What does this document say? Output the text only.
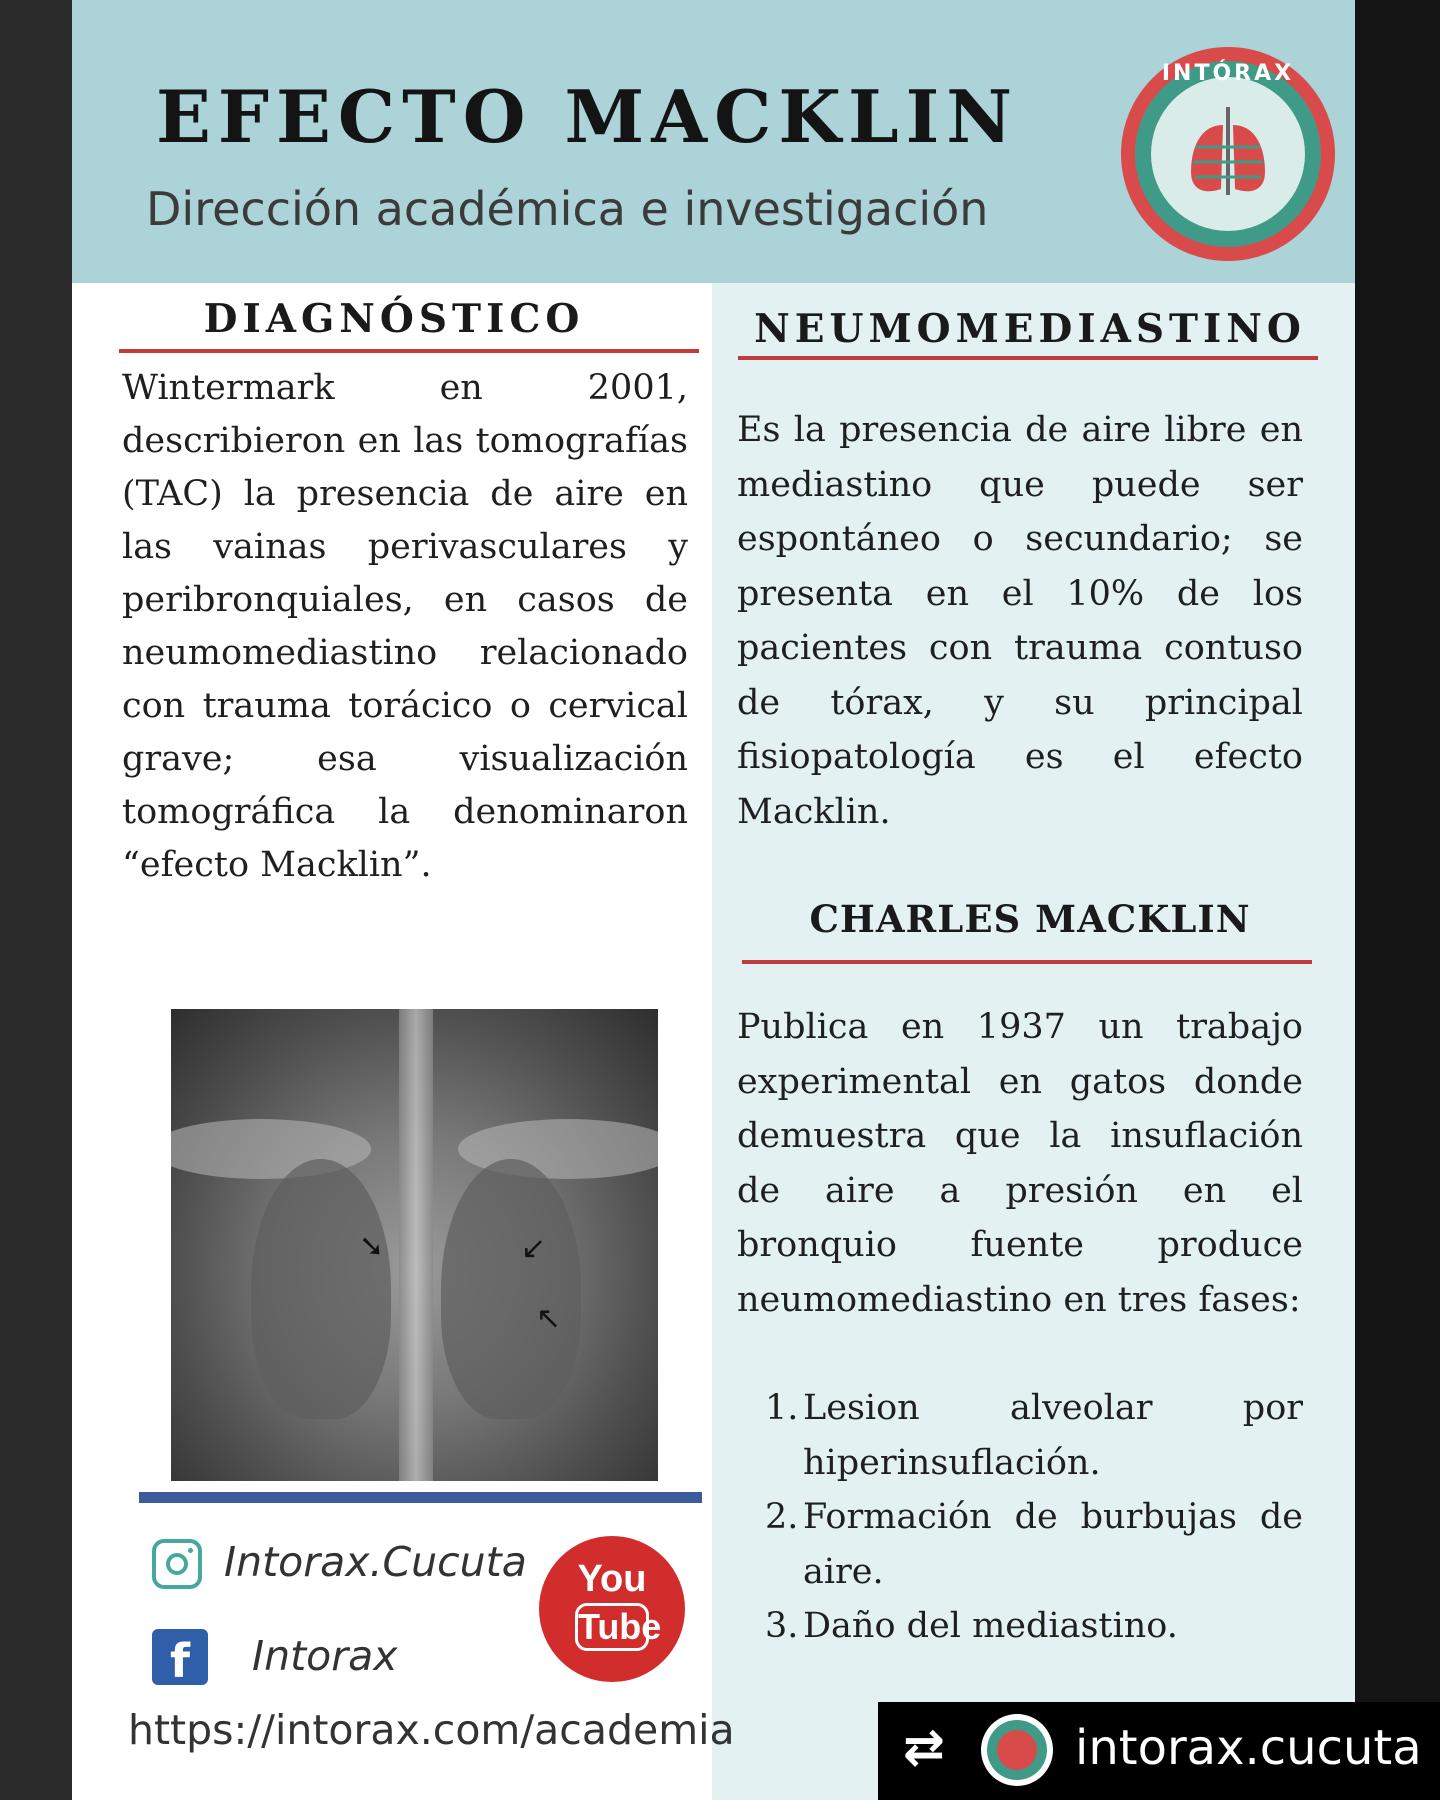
EFECTO MACKLIN
Dirección académica e investigación
INTÓRAX
DIAGNÓSTICO
Wintermark en 2001, describieron en las tomografías (TAC) la presencia de aire en las vainas perivasculares y peribronquiales, en casos de neumomediastino relacionado con trauma torácico o cervical grave; esa visualización tomográfica la denominaron “efecto Macklin”.
➘	↙
↖
Intorax.Cucuta
f	Intorax
https://intorax.com/academia
You
Tube
NEUMOMEDIASTINO
Es la presencia de aire libre en mediastino que puede ser espontáneo o secundario; se presenta en el 10% de los pacientes con trauma contuso de tórax, y su principal fisiopatología es el efecto Macklin.
CHARLES MACKLIN
Publica en 1937 un trabajo experimental en gatos donde demuestra que la insuflación de aire a presión en el bronquio fuente produce neumomediastino en tres fases:
1. Lesion alveolar por hiperinsuflación.
2. Formación de burbujas de aire.
3. Daño del mediastino.
⇄	intorax.cucuta
